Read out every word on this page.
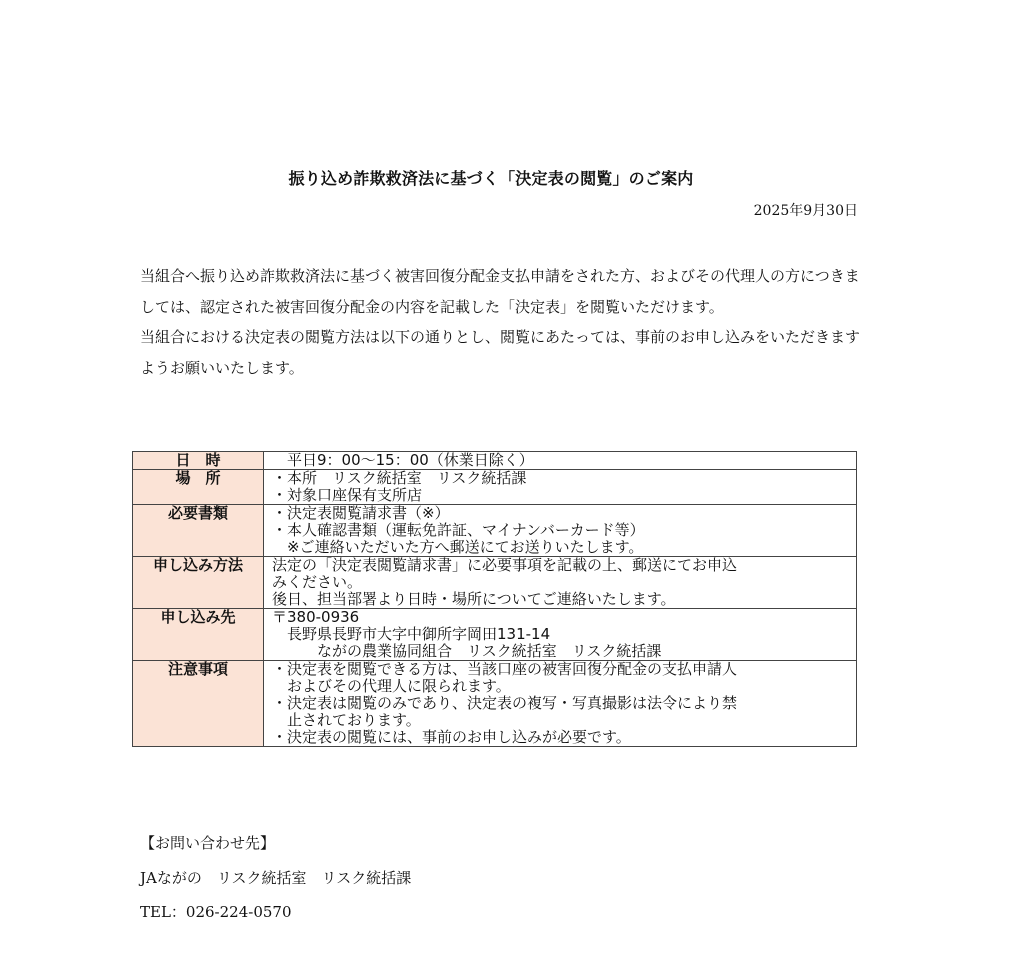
振り込め詐欺救済法に基づく「決定表の閲覧」のご案内
2025年9月30日

当組合へ振り込め詐欺救済法に基づく被害回復分配金支払申請をされた方、およびその代理人の方につきましては、認定された被害回復分配金の内容を記載した「決定表」を閲覧いただけます。

当組合における決定表の閲覧方法は以下の通りとし、閲覧にあたっては、事前のお申し込みをいただきますようお願いいたします。

日　時	　平日9：00～15：00（休業日除く）

場　所	・本所　リスク統括室　リスク統括課
・対象口座保有支所店

必要書類	・決定表閲覧請求書（※）
・本人確認書類（運転免許証、マイナンバーカード等）
　※ご連絡いただいた方へ郵送にてお送りいたします。

申し込み方法	法定の「決定表閲覧請求書」に必要事項を記載の上、郵送にてお申込
みください。
後日、担当部署より日時・場所についてご連絡いたします。

申し込み先	〒380-0936
　長野県長野市大字中御所字岡田131-14
　　　ながの農業協同組合　リスク統括室　リスク統括課

注意事項	・決定表を閲覧できる方は、当該口座の被害回復分配金の支払申請人
　およびその代理人に限られます。
・決定表は閲覧のみであり、決定表の複写・写真撮影は法令により禁
　止されております。
・決定表の閲覧には、事前のお申し込みが必要です。
【お問い合わせ先】
JAながの　リスク統括室　リスク統括課
TEL：026-224-0570
